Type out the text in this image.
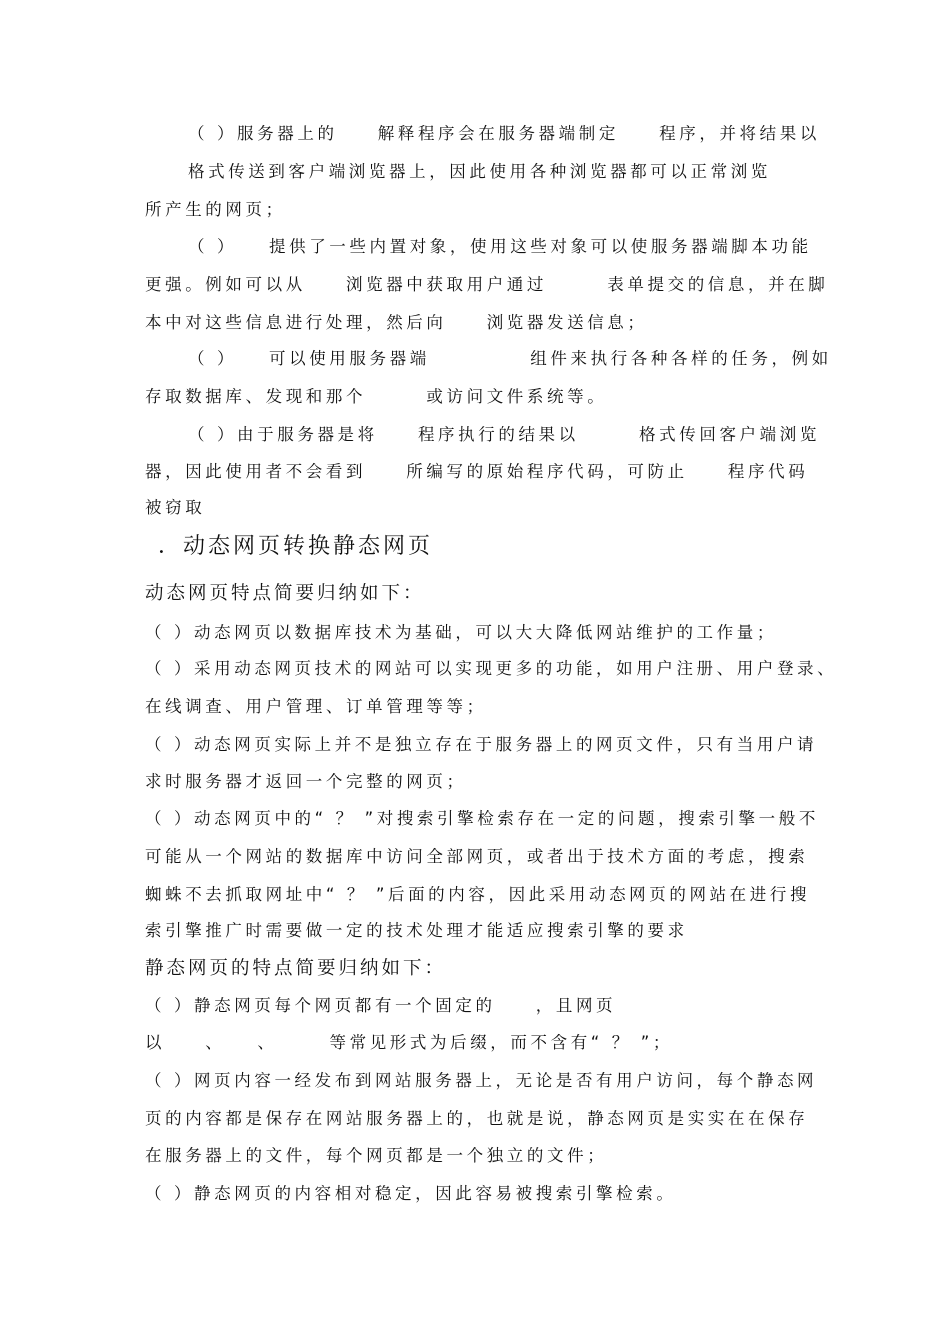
（ ）服务器上的　　解释程序会在服务器端制定　　程序，并将结果以
格式传送到客户端浏览器上，因此使用各种浏览器都可以正常浏览
所产生的网页；
（ ）　　提供了一些内置对象，使用这些对象可以使服务器端脚本功能
更强。例如可以从　　浏览器中获取用户通过　　　表单提交的信息，并在脚
本中对这些信息进行处理，然后向　　浏览器发送信息；
（ ）　　可以使用服务器端　　　　　组件来执行各种各样的任务，例如
存取数据库、发现和那个　　　或访问文件系统等。
（ ）由于服务器是将　　程序执行的结果以　　　格式传回客户端浏览
器，因此使用者不会看到　　所编写的原始程序代码，可防止　　程序代码
被窃取
．动态网页转换静态网页
动态网页特点简要归纳如下：
（ ）动态网页以数据库技术为基础，可以大大降低网站维护的工作量；
（ ）采用动态网页技术的网站可以实现更多的功能，如用户注册、用户登录、
在线调查、用户管理、订单管理等等；
（ ）动态网页实际上并不是独立存在于服务器上的网页文件，只有当用户请
求时服务器才返回一个完整的网页；
（ ）动态网页中的“ ？ ”对搜索引擎检索存在一定的问题，搜索引擎一般不
可能从一个网站的数据库中访问全部网页，或者出于技术方面的考虑，搜索
蜘蛛不去抓取网址中“ ？ ”后面的内容，因此采用动态网页的网站在进行搜
索引擎推广时需要做一定的技术处理才能适应搜索引擎的要求
静态网页的特点简要归纳如下：
（ ）静态网页每个网页都有一个固定的　　，且网页
以　　、　　、　　　等常见形式为后缀，而不含有“ ？ ”；
（ ）网页内容一经发布到网站服务器上，无论是否有用户访问，每个静态网
页的内容都是保存在网站服务器上的，也就是说，静态网页是实实在在保存
在服务器上的文件，每个网页都是一个独立的文件；
（ ）静态网页的内容相对稳定，因此容易被搜索引擎检索。
